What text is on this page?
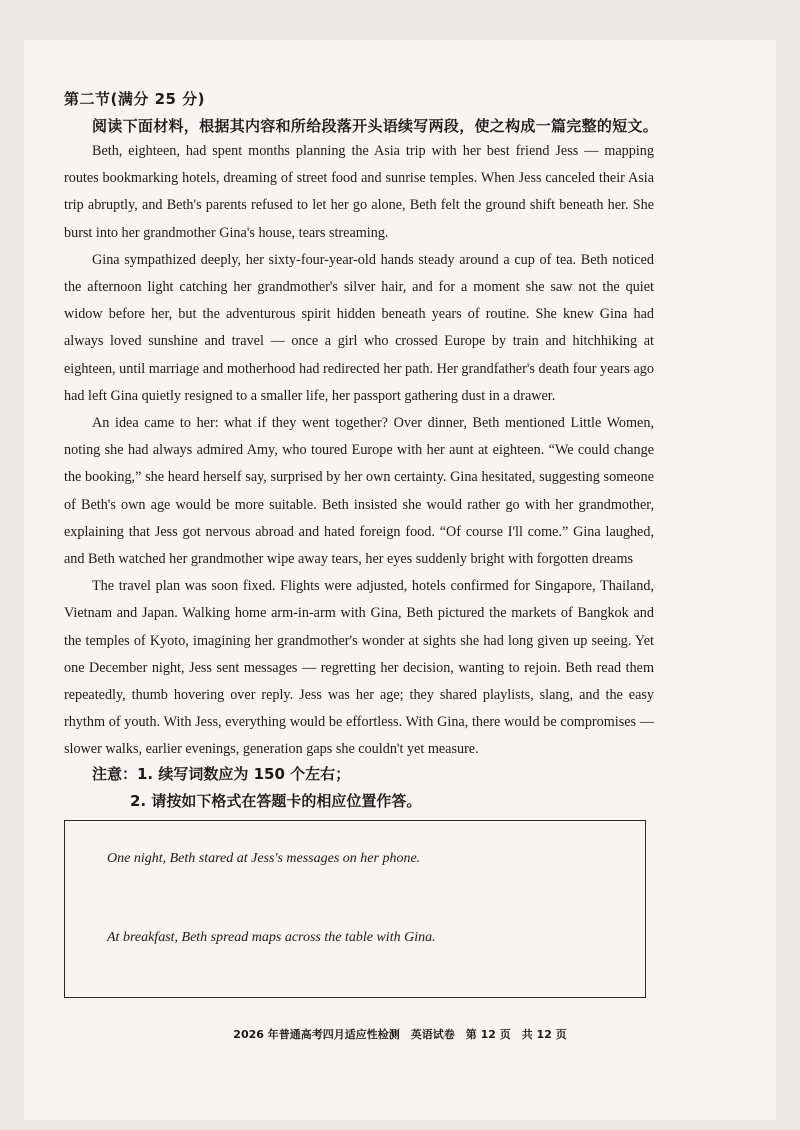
第二节(满分 25 分)
阅读下面材料，根据其内容和所给段落开头语续写两段，使之构成一篇完整的短文。

Beth, eighteen, had spent months planning the Asia trip with her best friend Jess — mapping routes bookmarking hotels, dreaming of street food and sunrise temples. When Jess canceled their Asia trip abruptly, and Beth's parents refused to let her go alone, Beth felt the ground shift beneath her. She burst into her grandmother Gina's house, tears streaming.

Gina sympathized deeply, her sixty-four-year-old hands steady around a cup of tea. Beth noticed the afternoon light catching her grandmother's silver hair, and for a moment she saw not the quiet widow before her, but the adventurous spirit hidden beneath years of routine. She knew Gina had always loved sunshine and travel — once a girl who crossed Europe by train and hitchhiking at eighteen, until marriage and motherhood had redirected her path. Her grandfather's death four years ago had left Gina quietly resigned to a smaller life, her passport gathering dust in a drawer.

An idea came to her: what if they went together? Over dinner, Beth mentioned Little Women, noting she had always admired Amy, who toured Europe with her aunt at eighteen. “We could change the booking,” she heard herself say, surprised by her own certainty. Gina hesitated, suggesting someone of Beth's own age would be more suitable. Beth insisted she would rather go with her grandmother, explaining that Jess got nervous abroad and hated foreign food. “Of course I'll come.” Gina laughed, and Beth watched her grandmother wipe away tears, her eyes suddenly bright with forgotten dreams

The travel plan was soon fixed. Flights were adjusted, hotels confirmed for Singapore, Thailand, Vietnam and Japan. Walking home arm-in-arm with Gina, Beth pictured the markets of Bangkok and the temples of Kyoto, imagining her grandmother's wonder at sights she had long given up seeing. Yet one December night, Jess sent messages — regretting her decision, wanting to rejoin. Beth read them repeatedly, thumb hovering over reply. Jess was her age; they shared playlists, slang, and the easy rhythm of youth. With Jess, everything would be effortless. With Gina, there would be compromises — slower walks, earlier evenings, generation gaps she couldn't yet measure.

注意：1. 续写词数应为 150 个左右；
2. 请按如下格式在答题卡的相应位置作答。
One night, Beth stared at Jess's messages on her phone.
At breakfast, Beth spread maps across the table with Gina.
2026 年普通高考四月适应性检测　英语试卷　第 12 页　共 12 页
